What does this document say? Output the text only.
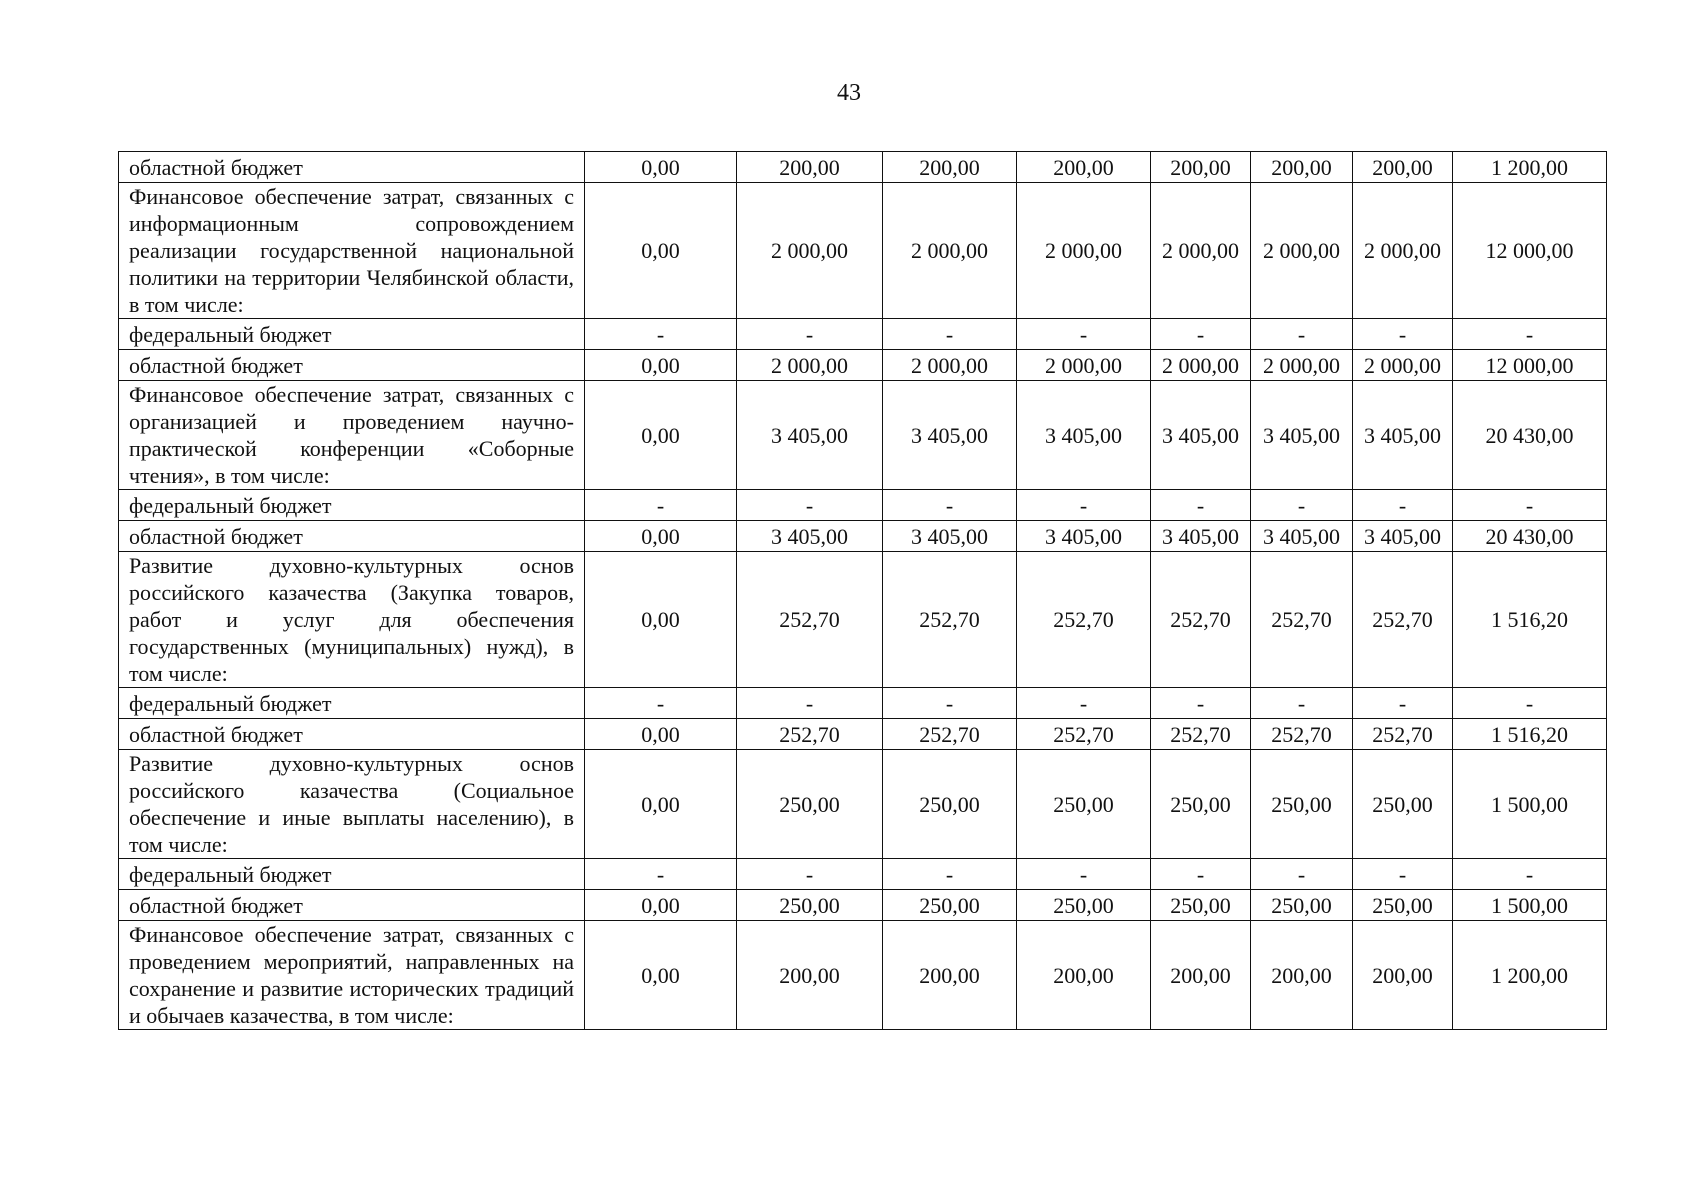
43
областной бюджет	0,00	200,00	200,00	200,00	200,00	200,00	200,00	1 200,00
Финансовое обеспечение затрат, связанных с информационным сопровождением реализации государственной национальной политики на территории Челябинской области, в том числе:	0,00	2 000,00	2 000,00	2 000,00	2 000,00	2 000,00	2 000,00	12 000,00
федеральный бюджет	-	-	-	-	-	-	-	-
областной бюджет	0,00	2 000,00	2 000,00	2 000,00	2 000,00	2 000,00	2 000,00	12 000,00
Финансовое обеспечение затрат, связанных с организацией и проведением научно-практической конференции «Соборные чтения», в том числе:	0,00	3 405,00	3 405,00	3 405,00	3 405,00	3 405,00	3 405,00	20 430,00
федеральный бюджет	-	-	-	-	-	-	-	-
областной бюджет	0,00	3 405,00	3 405,00	3 405,00	3 405,00	3 405,00	3 405,00	20 430,00
Развитие духовно-культурных основ российского казачества (Закупка товаров, работ и услуг для обеспечения государственных (муниципальных) нужд), в том числе:	0,00	252,70	252,70	252,70	252,70	252,70	252,70	1 516,20
федеральный бюджет	-	-	-	-	-	-	-	-
областной бюджет	0,00	252,70	252,70	252,70	252,70	252,70	252,70	1 516,20
Развитие духовно-культурных основ российского казачества (Социальное обеспечение и иные выплаты населению), в том числе:	0,00	250,00	250,00	250,00	250,00	250,00	250,00	1 500,00
федеральный бюджет	-	-	-	-	-	-	-	-
областной бюджет	0,00	250,00	250,00	250,00	250,00	250,00	250,00	1 500,00
Финансовое обеспечение затрат, связанных с проведением мероприятий, направленных на сохранение и развитие исторических традиций и обычаев казачества, в том числе:	0,00	200,00	200,00	200,00	200,00	200,00	200,00	1 200,00
